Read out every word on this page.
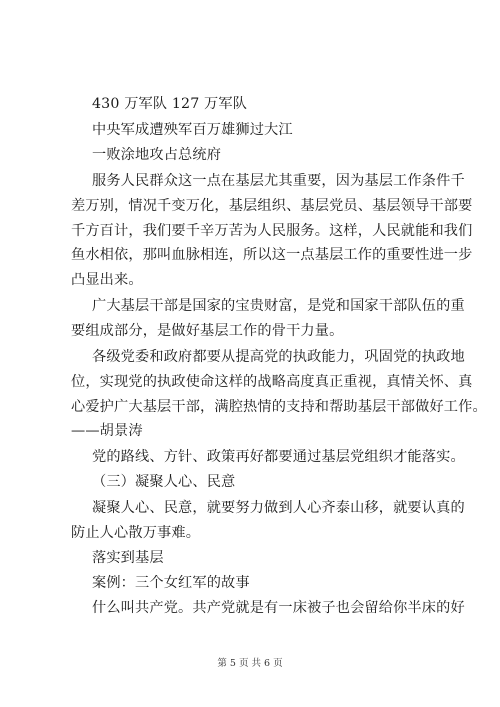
430 万军队 127 万军队
中央军成遭殃军百万雄狮过大江
一败涂地攻占总统府
服务人民群众这一点在基层尤其重要，因为基层工作条件千
差万别，情况千变万化，基层组织、基层党员、基层领导干部要
千方百计，我们要千辛万苦为人民服务。这样，人民就能和我们
鱼水相依，那叫血脉相连，所以这一点基层工作的重要性进一步
凸显出来。
广大基层干部是国家的宝贵财富，是党和国家干部队伍的重
要组成部分，是做好基层工作的骨干力量。
各级党委和政府都要从提高党的执政能力，巩固党的执政地
位，实现党的执政使命这样的战略高度真正重视，真情关怀、真
心爱护广大基层干部，满腔热情的支持和帮助基层干部做好工作。
——胡景涛
党的路线、方针、政策再好都要通过基层党组织才能落实。
（三）凝聚人心、民意
凝聚人心、民意，就要努力做到人心齐泰山移，就要认真的
防止人心散万事难。
落实到基层
案例：三个女红军的故事
什么叫共产党。共产党就是有一床被子也会留给你半床的好
第 5 页 共 6 页
